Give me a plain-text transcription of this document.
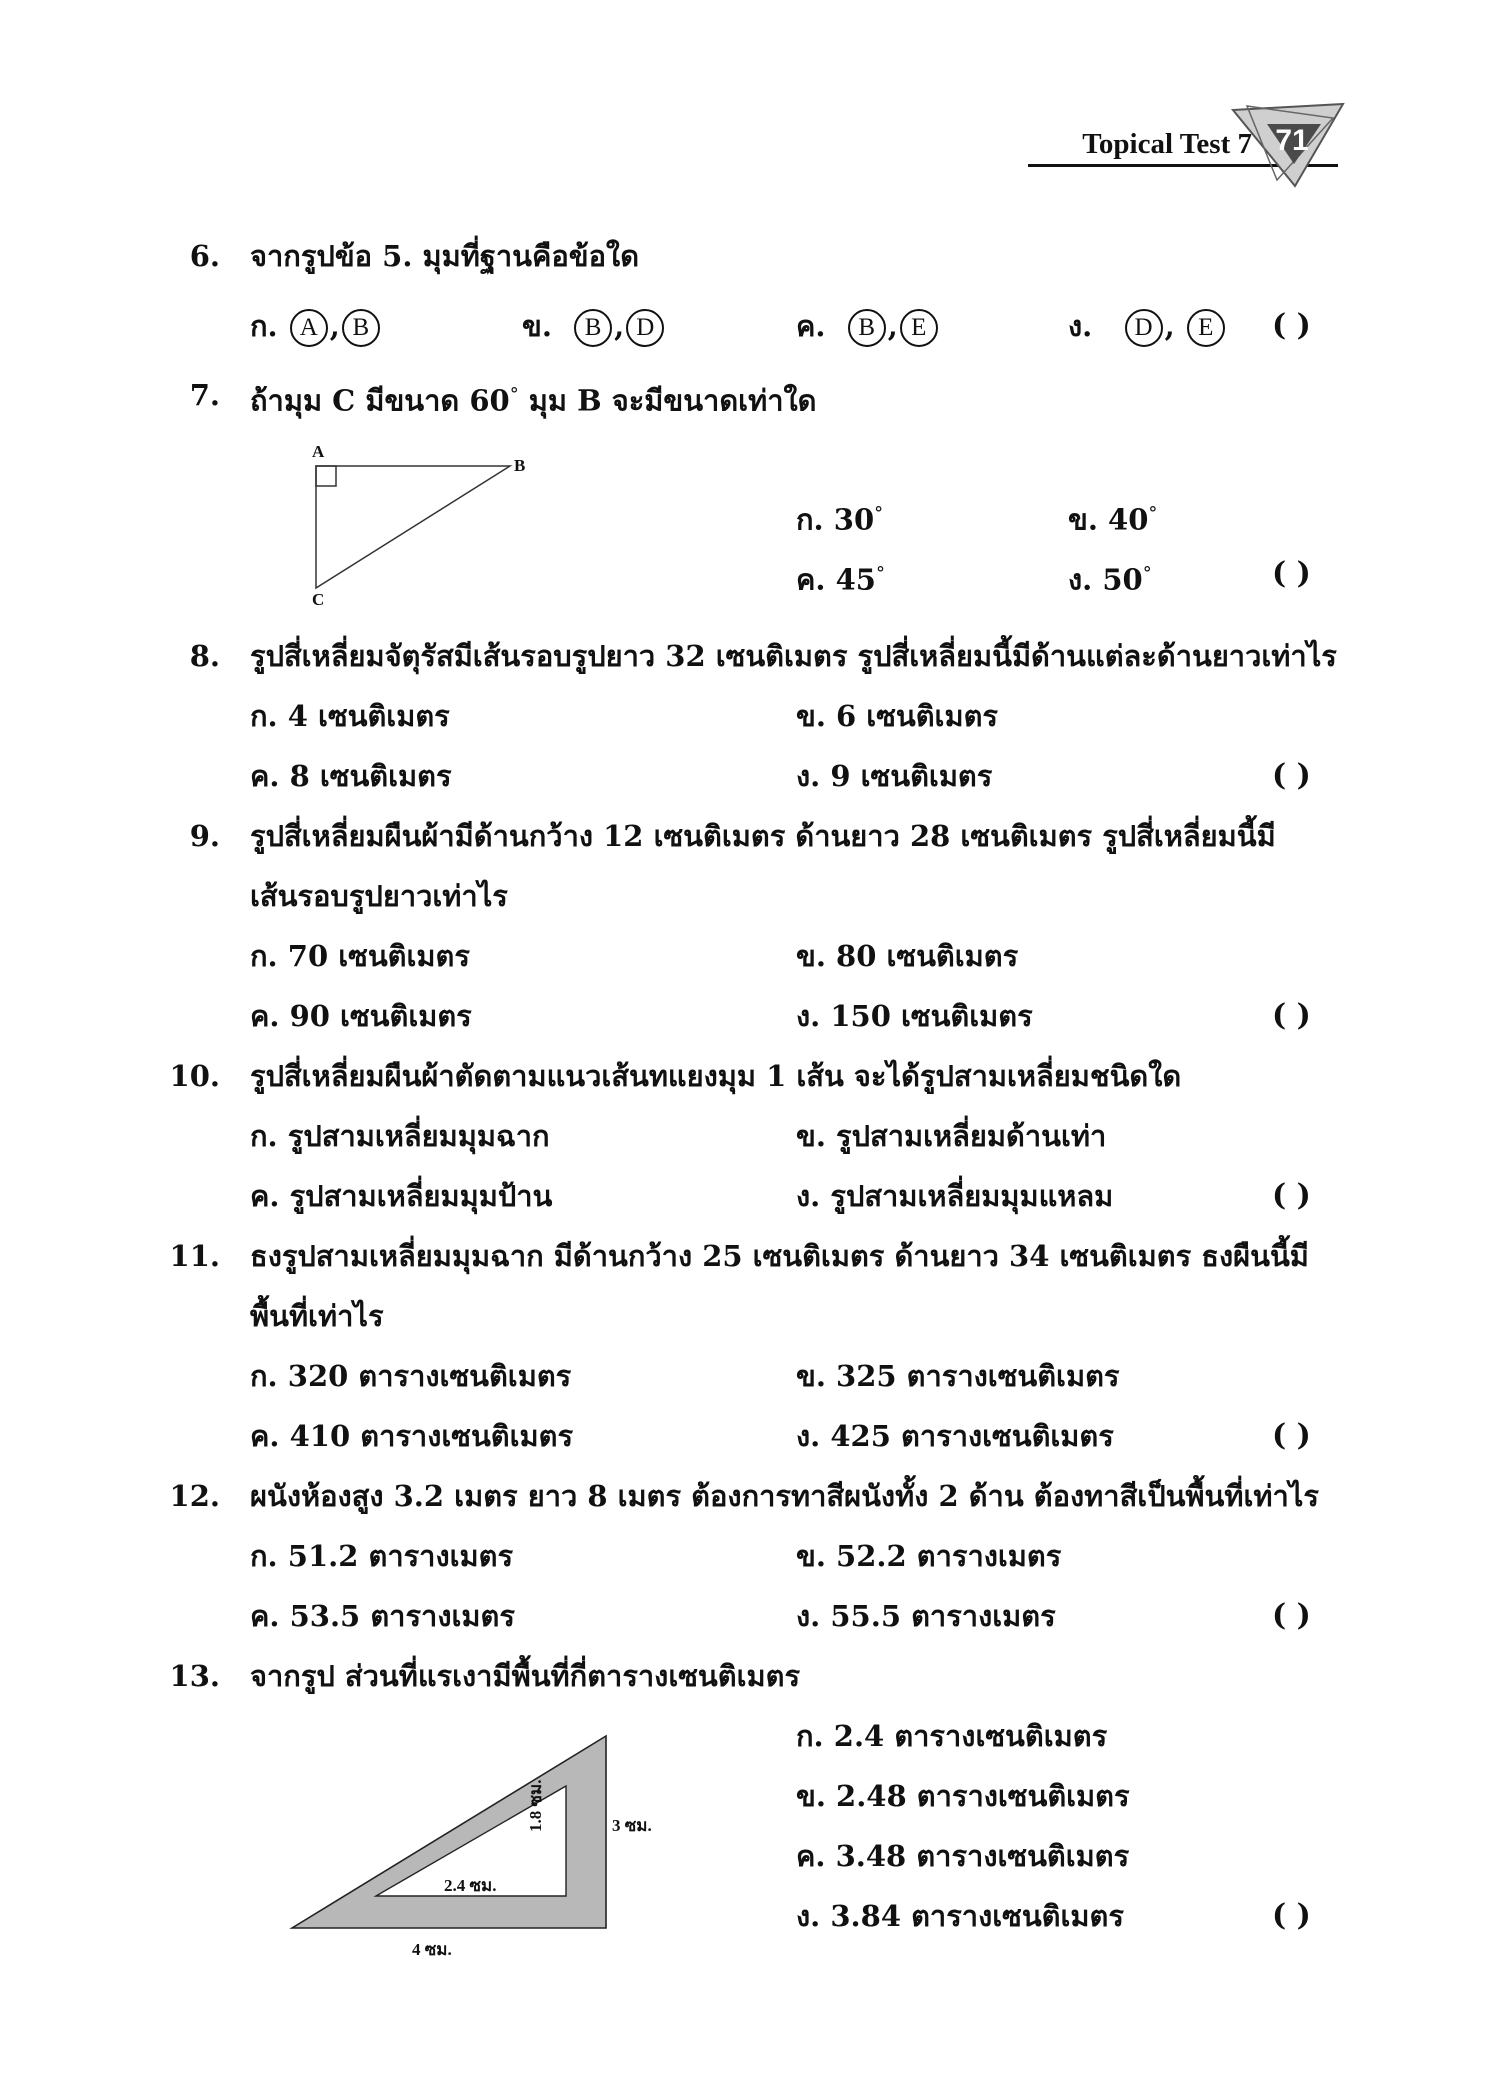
Topical Test 7 71
6. จากรูปข้อ 5. มุมที่ฐานคือข้อใด
ก. A , B	ข. B , D	ค. B , E	ง. D , E	( )
7. ถ้ามุม C มีขนาด 60° มุม B จะมีขนาดเท่าใด
A
B
C
ก. 30°	ข. 40°
ค. 45°	ง. 50°	( )
8. รูปสี่เหลี่ยมจัตุรัสมีเส้นรอบรูปยาว 32 เซนติเมตร รูปสี่เหลี่ยมนี้มีด้านแต่ละด้านยาวเท่าไร
ก. 4 เซนติเมตร	ข. 6 เซนติเมตร
ค. 8 เซนติเมตร	ง. 9 เซนติเมตร	( )
9. รูปสี่เหลี่ยมผืนผ้ามีด้านกว้าง 12 เซนติเมตร ด้านยาว 28 เซนติเมตร รูปสี่เหลี่ยมนี้มี
เส้นรอบรูปยาวเท่าไร
ก. 70 เซนติเมตร	ข. 80 เซนติเมตร
ค. 90 เซนติเมตร	ง. 150 เซนติเมตร	( )
10. รูปสี่เหลี่ยมผืนผ้าตัดตามแนวเส้นทแยงมุม 1 เส้น จะได้รูปสามเหลี่ยมชนิดใด
ก. รูปสามเหลี่ยมมุมฉาก	ข. รูปสามเหลี่ยมด้านเท่า
ค. รูปสามเหลี่ยมมุมป้าน	ง. รูปสามเหลี่ยมมุมแหลม	( )
11. ธงรูปสามเหลี่ยมมุมฉาก มีด้านกว้าง 25 เซนติเมตร ด้านยาว 34 เซนติเมตร ธงผืนนี้มี
พื้นที่เท่าไร
ก. 320 ตารางเซนติเมตร	ข. 325 ตารางเซนติเมตร
ค. 410 ตารางเซนติเมตร	ง. 425 ตารางเซนติเมตร	( )
12. ผนังห้องสูง 3.2 เมตร ยาว 8 เมตร ต้องการทาสีผนังทั้ง 2 ด้าน ต้องทาสีเป็นพื้นที่เท่าไร
ก. 51.2 ตารางเมตร	ข. 52.2 ตารางเมตร
ค. 53.5 ตารางเมตร	ง. 55.5 ตารางเมตร	( )
13. จากรูป ส่วนที่แรเงามีพื้นที่กี่ตารางเซนติเมตร
3 ซม.
2.4 ซม.
1.8 ซม.
4 ซม.
ก. 2.4 ตารางเซนติเมตร
ข. 2.48 ตารางเซนติเมตร
ค. 3.48 ตารางเซนติเมตร
ง. 3.84 ตารางเซนติเมตร	( )
